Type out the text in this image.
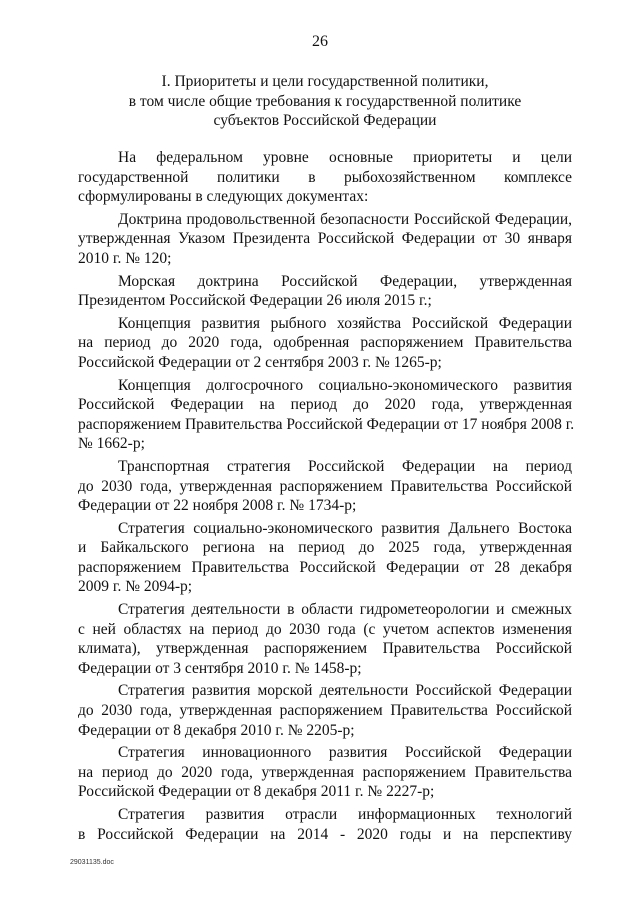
26
I. Приоритеты и цели государственной политики,
в том числе общие требования к государственной политике
субъектов Российской Федерации
На федеральном уровне основные приоритеты и цели
государственной политики в рыбохозяйственном комплексе
сформулированы в следующих документах:
Доктрина продовольственной безопасности Российской Федерации,
утвержденная Указом Президента Российской Федерации от 30 января
2010 г. № 120;
Морская доктрина Российской Федерации, утвержденная
Президентом Российской Федерации 26 июля 2015 г.;
Концепция развития рыбного хозяйства Российской Федерации
на период до 2020 года, одобренная распоряжением Правительства
Российской Федерации от 2 сентября 2003 г. № 1265-р;
Концепция долгосрочного социально-экономического развития
Российской Федерации на период до 2020 года, утвержденная
распоряжением Правительства Российской Федерации от 17 ноября 2008 г.
№ 1662-р;
Транспортная стратегия Российской Федерации на период
до 2030 года, утвержденная распоряжением Правительства Российской
Федерации от 22 ноября 2008 г. № 1734-р;
Стратегия социально-экономического развития Дальнего Востока
и Байкальского региона на период до 2025 года, утвержденная
распоряжением Правительства Российской Федерации от 28 декабря
2009 г. № 2094-р;
Стратегия деятельности в области гидрометеорологии и смежных
с ней областях на период до 2030 года (с учетом аспектов изменения
климата), утвержденная распоряжением Правительства Российской
Федерации от 3 сентября 2010 г. № 1458-р;
Стратегия развития морской деятельности Российской Федерации
до 2030 года, утвержденная распоряжением Правительства Российской
Федерации от 8 декабря 2010 г. № 2205-р;
Стратегия инновационного развития Российской Федерации
на период до 2020 года, утвержденная распоряжением Правительства
Российской Федерации от 8 декабря 2011 г. № 2227-р;
Стратегия развития отрасли информационных технологий
в Российской Федерации на 2014 - 2020 годы и на перспективу
29031135.doc
